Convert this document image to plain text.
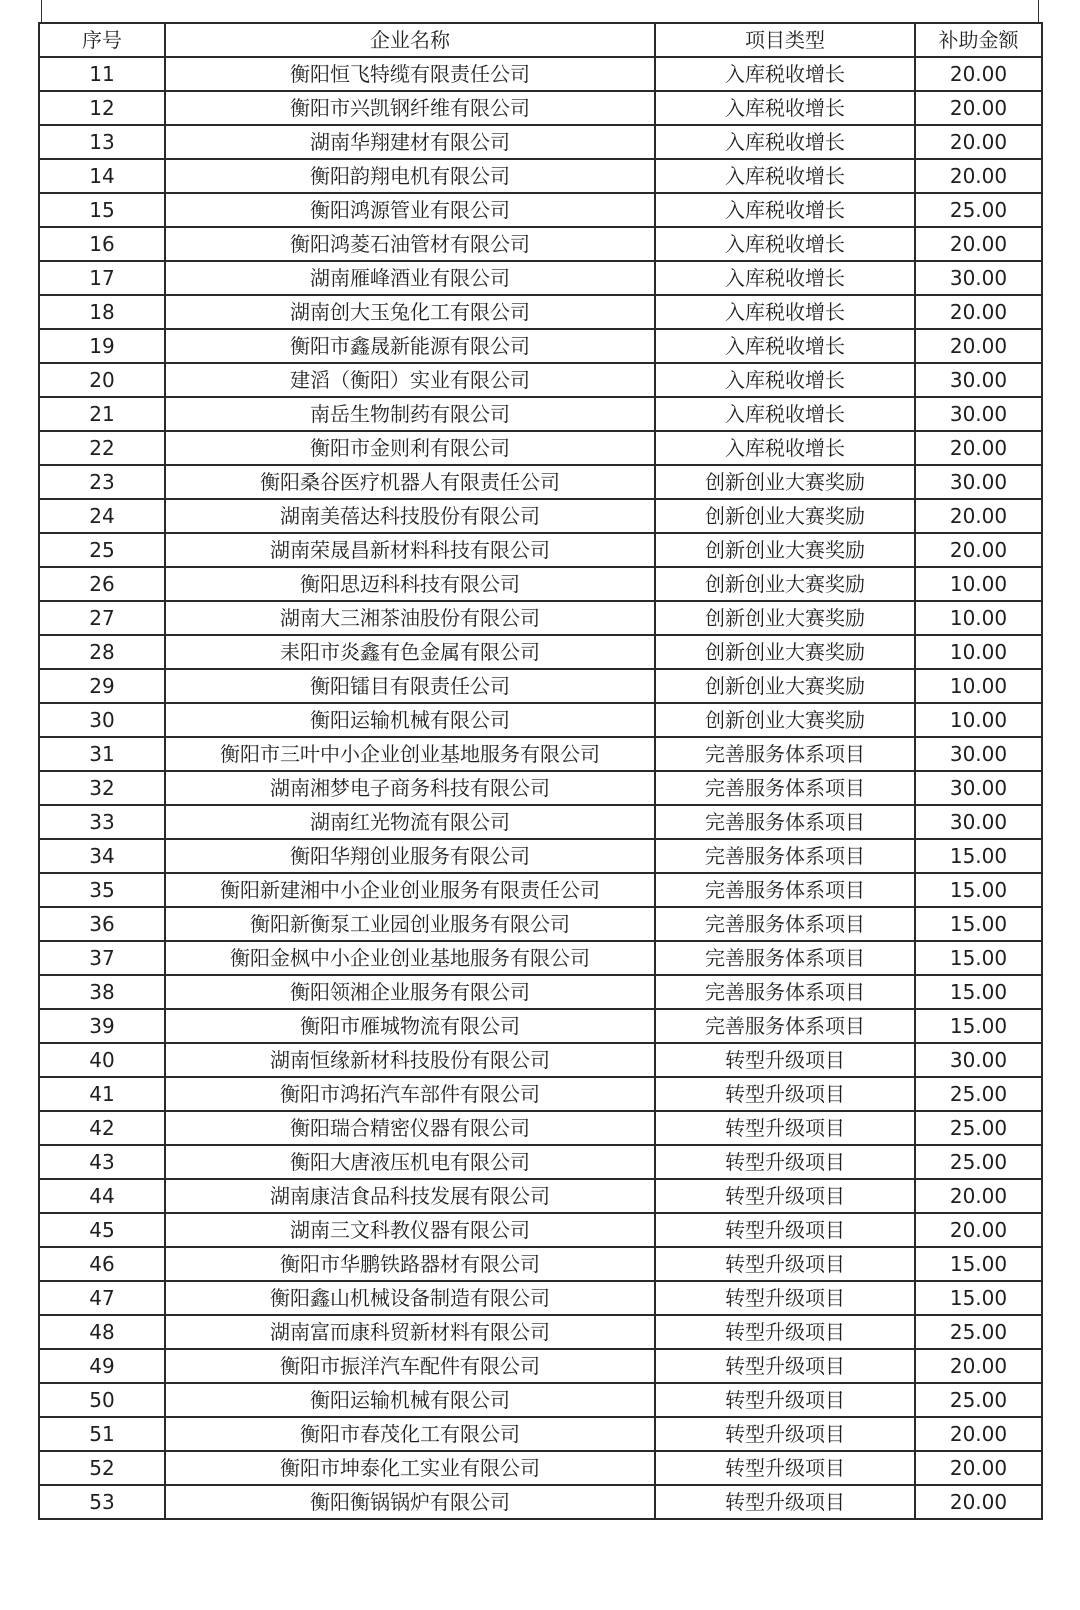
序号	企业名称	项目类型	补助金额
11	衡阳恒飞特缆有限责任公司	入库税收增长	20.00
12	衡阳市兴凯钢纤维有限公司	入库税收增长	20.00
13	湖南华翔建材有限公司	入库税收增长	20.00
14	衡阳韵翔电机有限公司	入库税收增长	20.00
15	衡阳鸿源管业有限公司	入库税收增长	25.00
16	衡阳鸿菱石油管材有限公司	入库税收增长	20.00
17	湖南雁峰酒业有限公司	入库税收增长	30.00
18	湖南创大玉兔化工有限公司	入库税收增长	20.00
19	衡阳市鑫晟新能源有限公司	入库税收增长	20.00
20	建滔（衡阳）实业有限公司	入库税收增长	30.00
21	南岳生物制药有限公司	入库税收增长	30.00
22	衡阳市金则利有限公司	入库税收增长	20.00
23	衡阳桑谷医疗机器人有限责任公司	创新创业大赛奖励	30.00
24	湖南美蓓达科技股份有限公司	创新创业大赛奖励	20.00
25	湖南荣晟昌新材料科技有限公司	创新创业大赛奖励	20.00
26	衡阳思迈科科技有限公司	创新创业大赛奖励	10.00
27	湖南大三湘茶油股份有限公司	创新创业大赛奖励	10.00
28	耒阳市炎鑫有色金属有限公司	创新创业大赛奖励	10.00
29	衡阳镭目有限责任公司	创新创业大赛奖励	10.00
30	衡阳运输机械有限公司	创新创业大赛奖励	10.00
31	衡阳市三叶中小企业创业基地服务有限公司	完善服务体系项目	30.00
32	湖南湘梦电子商务科技有限公司	完善服务体系项目	30.00
33	湖南红光物流有限公司	完善服务体系项目	30.00
34	衡阳华翔创业服务有限公司	完善服务体系项目	15.00
35	衡阳新建湘中小企业创业服务有限责任公司	完善服务体系项目	15.00
36	衡阳新衡泵工业园创业服务有限公司	完善服务体系项目	15.00
37	衡阳金枫中小企业创业基地服务有限公司	完善服务体系项目	15.00
38	衡阳领湘企业服务有限公司	完善服务体系项目	15.00
39	衡阳市雁城物流有限公司	完善服务体系项目	15.00
40	湖南恒缘新材科技股份有限公司	转型升级项目	30.00
41	衡阳市鸿拓汽车部件有限公司	转型升级项目	25.00
42	衡阳瑞合精密仪器有限公司	转型升级项目	25.00
43	衡阳大唐液压机电有限公司	转型升级项目	25.00
44	湖南康洁食品科技发展有限公司	转型升级项目	20.00
45	湖南三文科教仪器有限公司	转型升级项目	20.00
46	衡阳市华鹏铁路器材有限公司	转型升级项目	15.00
47	衡阳鑫山机械设备制造有限公司	转型升级项目	15.00
48	湖南富而康科贸新材料有限公司	转型升级项目	25.00
49	衡阳市振洋汽车配件有限公司	转型升级项目	20.00
50	衡阳运输机械有限公司	转型升级项目	25.00
51	衡阳市春茂化工有限公司	转型升级项目	20.00
52	衡阳市坤泰化工实业有限公司	转型升级项目	20.00
53	衡阳衡锅锅炉有限公司	转型升级项目	20.00
